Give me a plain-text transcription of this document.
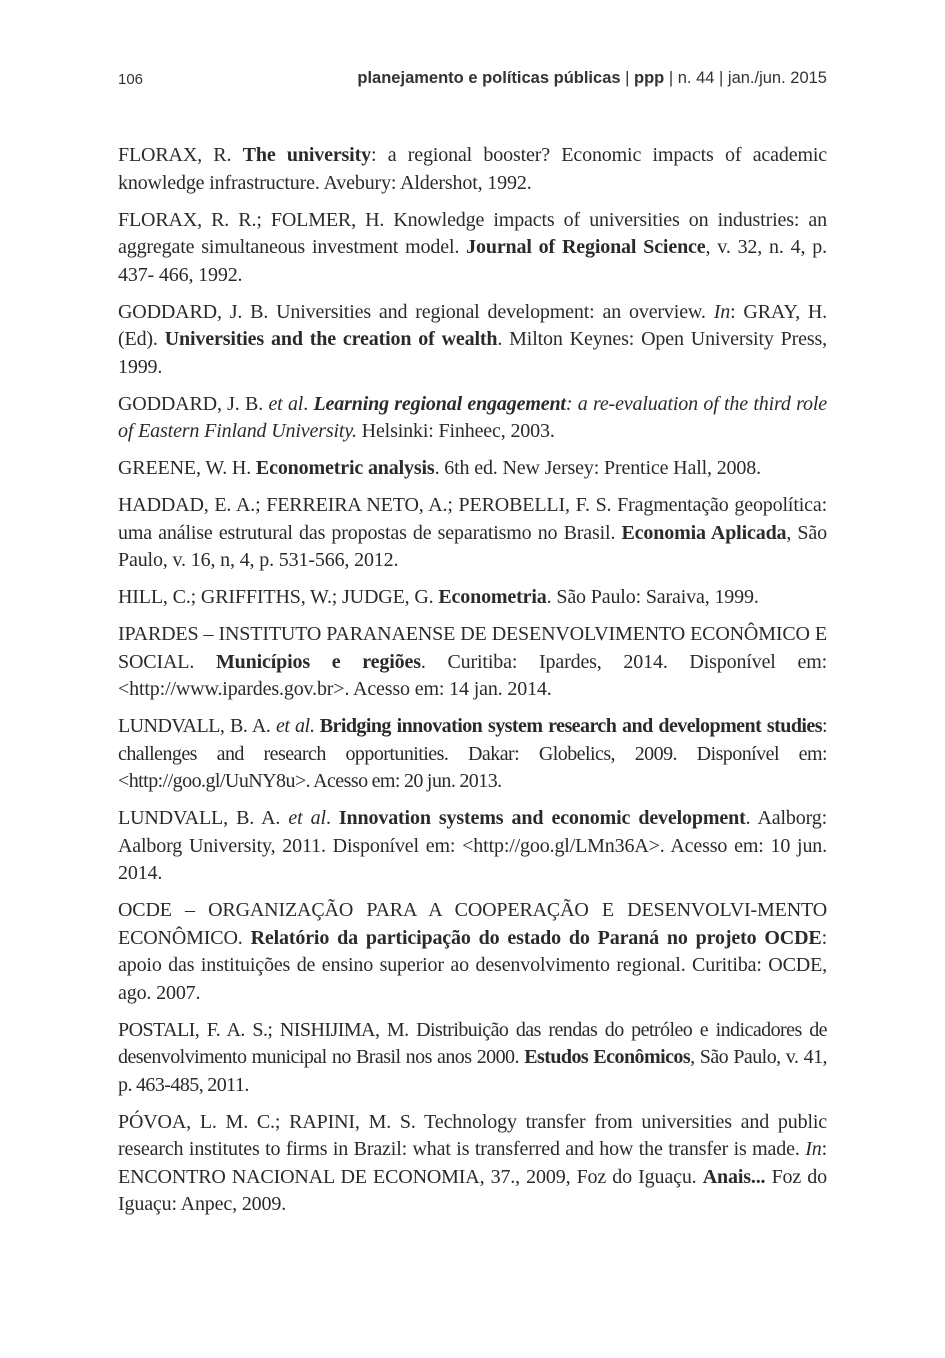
106	planejamento e políticas públicas | ppp | n. 44 | jan./jun. 2015

FLORAX, R. The university: a regional booster? Economic impacts of academic knowledge infrastructure. Avebury: Aldershot, 1992.

FLORAX, R. R.; FOLMER, H. Knowledge impacts of universities on industries: an aggregate simultaneous investment model. Journal of Regional Science, v. 32, n. 4, p. 437- 466, 1992.

GODDARD, J. B. Universities and regional development: an overview. In: GRAY, H. (Ed). Universities and the creation of wealth. Milton Keynes: Open University Press, 1999.

GODDARD, J. B. et al. Learning regional engagement: a re-evaluation of the third role of Eastern Finland University. Helsinki: Finheec, 2003.

GREENE, W. H. Econometric analysis. 6th ed. New Jersey: Prentice Hall, 2008.

HADDAD, E. A.; FERREIRA NETO, A.; PEROBELLI, F. S. Fragmentação geopolítica: uma análise estrutural das propostas de separatismo no Brasil. Economia Aplicada, São Paulo, v. 16, n, 4, p. 531-566, 2012.

HILL, C.; GRIFFITHS, W.; JUDGE, G. Econometria. São Paulo: Saraiva, 1999.

IPARDES – INSTITUTO PARANAENSE DE DESENVOLVIMENTO ECONÔMICO E SOCIAL. Municípios e regiões. Curitiba: Ipardes, 2014. Disponível em: <http://www.ipardes.gov.br>. Acesso em: 14 jan. 2014.

LUNDVALL, B. A. et al. Bridging innovation system research and development studies: challenges and research opportunities. Dakar: Globelics, 2009. Disponível em: <http://goo.gl/UuNY8u>. Acesso em: 20 jun. 2013.

LUNDVALL, B. A. et al. Innovation systems and economic development. Aalborg: Aalborg University, 2011. Disponível em: <http://goo.gl/LMn36A>. Acesso em: 10 jun. 2014.

OCDE – ORGANIZAÇÃO PARA A COOPERAÇÃO E DESENVOLVI-MENTO ECONÔMICO. Relatório da participação do estado do Paraná no projeto OCDE: apoio das instituições de ensino superior ao desenvolvimento regional. Curitiba: OCDE, ago. 2007.

POSTALI, F. A. S.; NISHIJIMA, M. Distribuição das rendas do petróleo e indicadores de desenvolvimento municipal no Brasil nos anos 2000. Estudos Econômicos, São Paulo, v. 41, p. 463-485, 2011.

PÓVOA, L. M. C.; RAPINI, M. S. Technology transfer from universities and public research institutes to firms in Brazil: what is transferred and how the transfer is made. In: ENCONTRO NACIONAL DE ECONOMIA, 37., 2009, Foz do Iguaçu. Anais... Foz do Iguaçu: Anpec, 2009.
